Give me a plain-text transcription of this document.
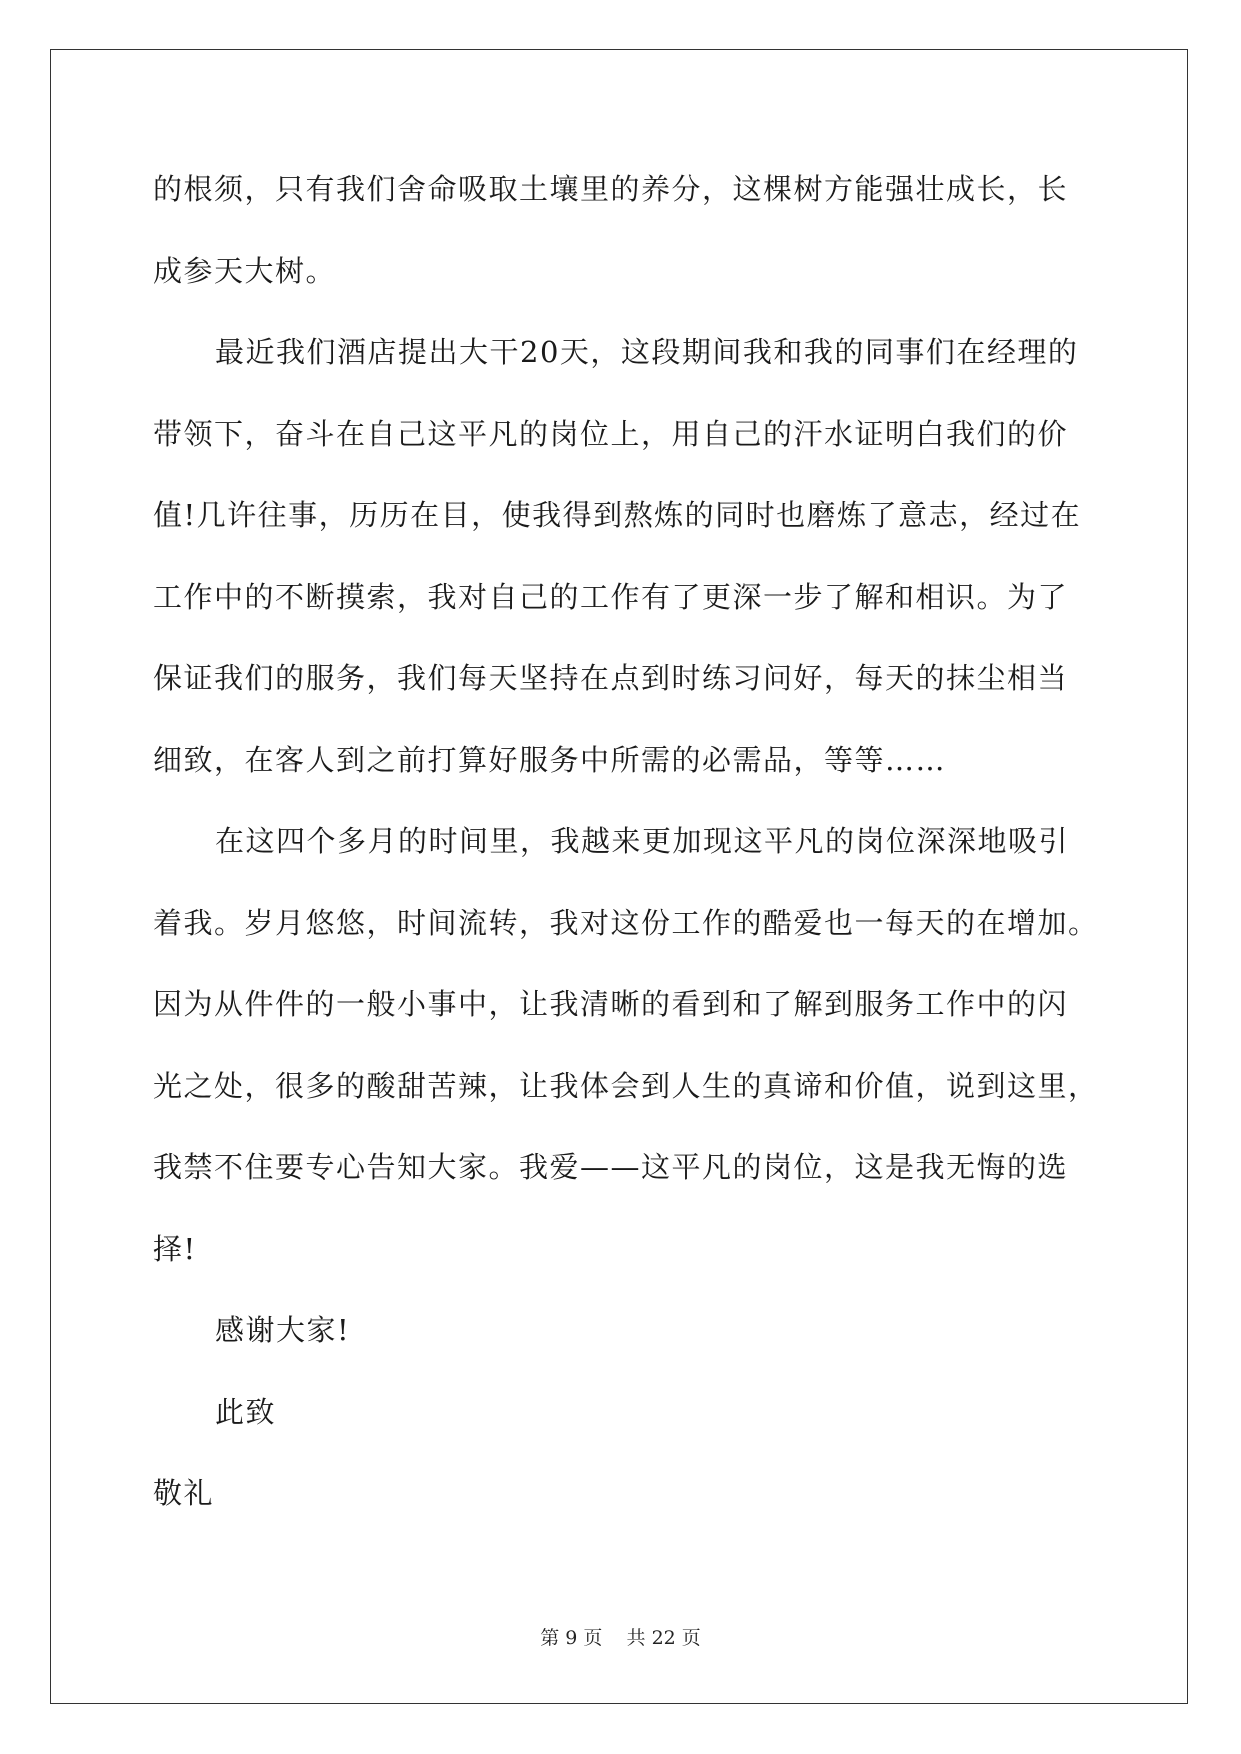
的根须，只有我们舍命吸取土壤里的养分，这棵树方能强壮成长，长
成参天大树。
最近我们酒店提出大干20天，这段期间我和我的同事们在经理的
带领下，奋斗在自己这平凡的岗位上，用自己的汗水证明白我们的价
值!几许往事，历历在目，使我得到熬炼的同时也磨炼了意志，经过在
工作中的不断摸索，我对自己的工作有了更深一步了解和相识。为了
保证我们的服务，我们每天坚持在点到时练习问好，每天的抹尘相当
细致，在客人到之前打算好服务中所需的必需品，等等……
在这四个多月的时间里，我越来更加现这平凡的岗位深深地吸引
着我。岁月悠悠，时间流转，我对这份工作的酷爱也一每天的在增加。
因为从件件的一般小事中，让我清晰的看到和了解到服务工作中的闪
光之处，很多的酸甜苦辣，让我体会到人生的真谛和价值，说到这里，
我禁不住要专心告知大家。我爱——这平凡的岗位，这是我无悔的选
择!
感谢大家!
此致
敬礼
第 9 页 共 22 页
